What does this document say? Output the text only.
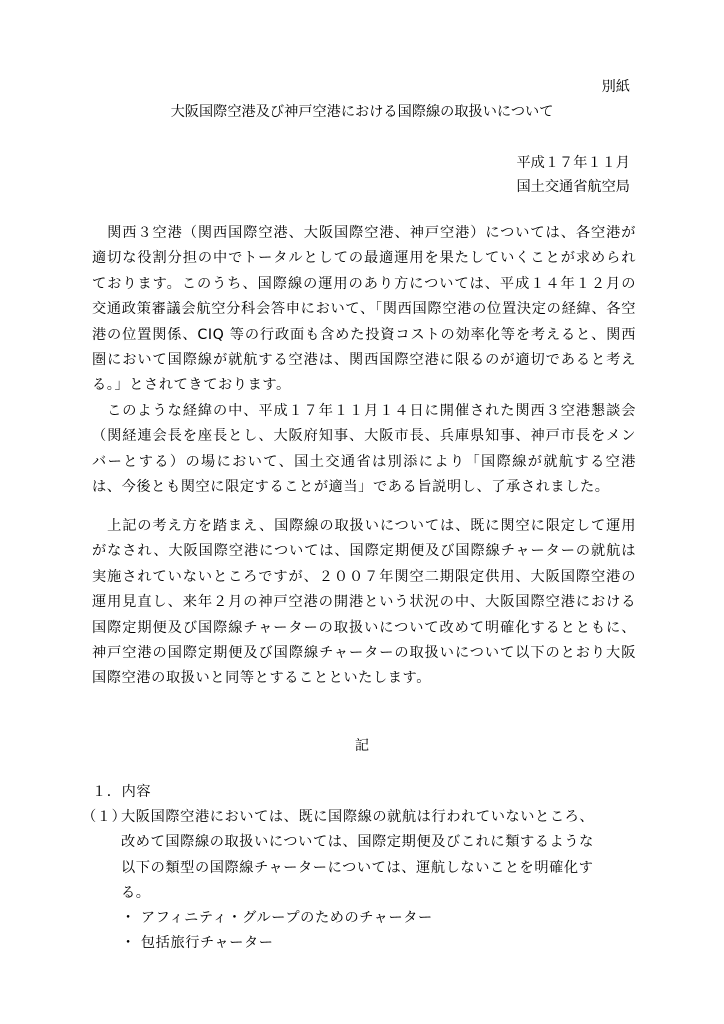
別紙
大阪国際空港及び神戸空港における国際線の取扱いについて
平成１７年１１月
国土交通省航空局
　関西３空港（関西国際空港、大阪国際空港、神戸空港）については、各空港が適切な役割分担の中でトータルとしての最適運用を果たしていくことが求められております。このうち、国際線の運用のあり方については、平成１４年１２月の交通政策審議会航空分科会答申において、「関西国際空港の位置決定の経緯、各空港の位置関係、CIQ 等の行政面も含めた投資コストの効率化等を考えると、関西圏において国際線が就航する空港は、関西国際空港に限るのが適切であると考える。」とされてきております。
　このような経緯の中、平成１７年１１月１４日に開催された関西３空港懇談会（関経連会長を座長とし、大阪府知事、大阪市長、兵庫県知事、神戸市長をメンバーとする）の場において、国土交通省は別添により「国際線が就航する空港は、今後とも関空に限定することが適当」である旨説明し、了承されました。
　上記の考え方を踏まえ、国際線の取扱いについては、既に関空に限定して運用がなされ、大阪国際空港については、国際定期便及び国際線チャーターの就航は実施されていないところですが、２００７年関空二期限定供用、大阪国際空港の運用見直し、来年２月の神戸空港の開港という状況の中、大阪国際空港における国際定期便及び国際線チャーターの取扱いについて改めて明確化するとともに、神戸空港の国際定期便及び国際線チャーターの取扱いについて以下のとおり大阪国際空港の取扱いと同等とすることといたします。
記
１．内容
（１）
大阪国際空港においては、既に国際線の就航は行われていないところ、
改めて国際線の取扱いについては、国際定期便及びこれに類するような
以下の類型の国際線チャーターについては、運航しないことを明確化す
る。
・ アフィニティ・グループのためのチャーター
・ 包括旅行チャーター
